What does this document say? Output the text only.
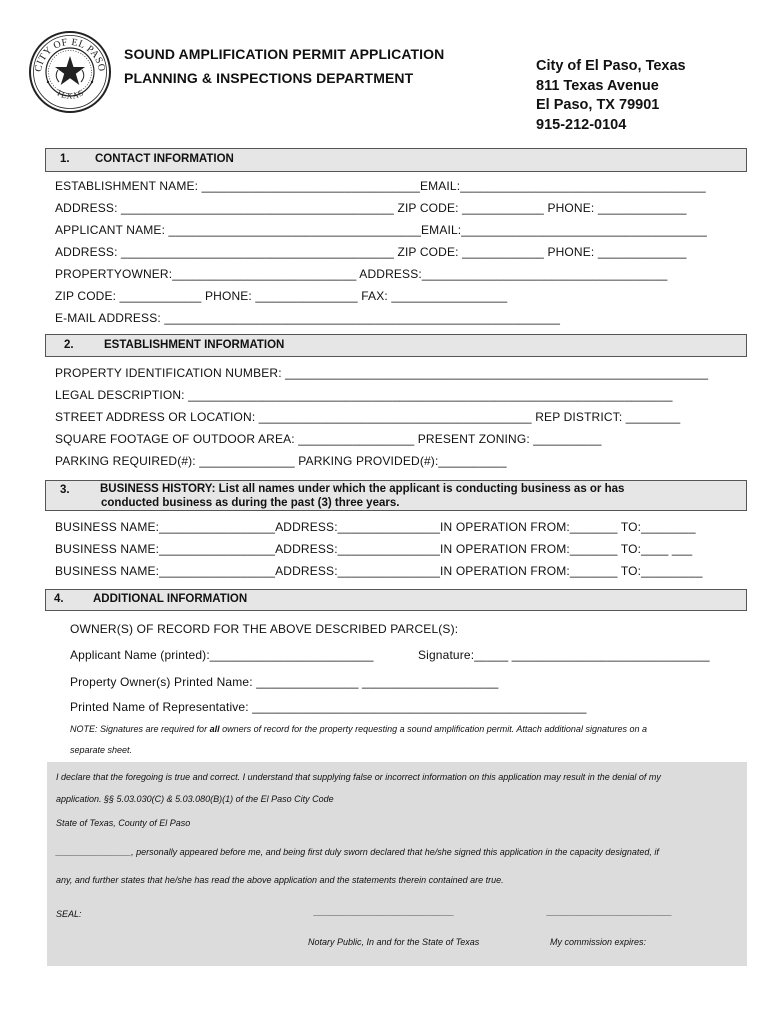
CITY OF EL PASO
TEXAS
SOUND AMPLIFICATION PERMIT APPLICATION
PLANNING & INSPECTIONS DEPARTMENT
City of El Paso, Texas
811 Texas Avenue
El Paso, TX 79901
915-212-0104
1. CONTACT INFORMATION
ESTABLISHMENT NAME: ________________________________EMAIL:____________________________________
ADDRESS: ________________________________________ ZIP CODE: ____________ PHONE: _____________
APPLICANT NAME: _____________________________________EMAIL:____________________________________
ADDRESS: ________________________________________ ZIP CODE: ____________ PHONE: _____________
PROPERTYOWNER:___________________________ ADDRESS:____________________________________
ZIP CODE: ____________ PHONE: _______________ FAX: _________________
E-MAIL ADDRESS: __________________________________________________________
2.	ESTABLISHMENT INFORMATION
PROPERTY IDENTIFICATION NUMBER: ______________________________________________________________
LEGAL DESCRIPTION: _______________________________________________________________________
STREET ADDRESS OR LOCATION: ________________________________________ REP DISTRICT: ________
SQUARE FOOTAGE OF OUTDOOR AREA: _________________ PRESENT ZONING: __________
PARKING REQUIRED(#): ______________ PARKING PROVIDED(#):__________
3.	BUSINESS HISTORY: List all names under which the applicant is conducting business as or has
conducted business as during the past (3) three years.
BUSINESS NAME:_________________ADDRESS:_______________IN OPERATION FROM:_______ TO:________
BUSINESS NAME:_________________ADDRESS:_______________IN OPERATION FROM:_______ TO:____ ___
BUSINESS NAME:_________________ADDRESS:_______________IN OPERATION FROM:_______ TO:_________
4.	ADDITIONAL INFORMATION
OWNER(S) OF RECORD FOR THE ABOVE DESCRIBED PARCEL(S):
Applicant Name (printed):________________________	Signature:_____ _____________________________
Property Owner(s) Printed Name: _______________ ____________________
Printed Name of Representative: _________________________________________________
NOTE: Signatures are required for all owners of record for the property requesting a sound amplification permit. Attach additional signatures on a
separate sheet.
I declare that the foregoing is true and correct. I understand that supplying false or incorrect information on this application may result in the denial of my
application. §§ 5.03.030(C) & 5.03.080(B)(1) of the El Paso City Code
State of Texas, County of El Paso
_______________, personally appeared before me, and being first duly sworn declared that he/she signed this application in the capacity designated, if
any, and further states that he/she has read the above application and the statements therein contained are true.
SEAL:	____________________________	_________________________
Notary Public, In and for the State of Texas	My commission expires:
